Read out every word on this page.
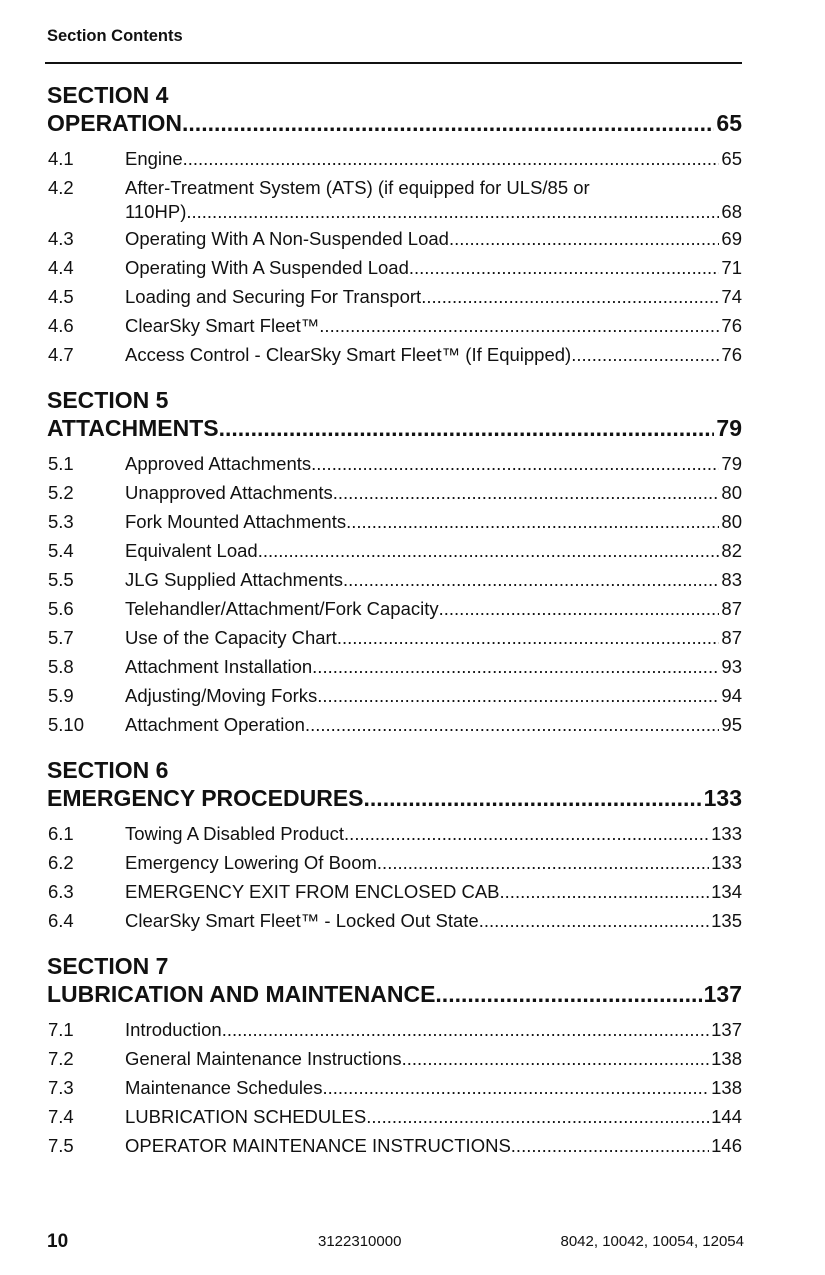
Section Contents
SECTION 4
OPERATION .....	65
4.1	Engine .....	65
4.2	After-Treatment System (ATS) (if equipped for ULS/85 or
110HP) .....	68
4.3	Operating With A Non-Suspended Load .....	69
4.4	Operating With A Suspended Load .....	71
4.5	Loading and Securing For Transport .....	74
4.6	ClearSky Smart Fleet™ .....	76
4.7	Access Control - ClearSky Smart Fleet™ (If Equipped) .....	76
SECTION 5
ATTACHMENTS .....	79
5.1	Approved Attachments .....	79
5.2	Unapproved Attachments .....	80
5.3	Fork Mounted Attachments .....	80
5.4	Equivalent Load .....	82
5.5	JLG Supplied Attachments .....	83
5.6	Telehandler/Attachment/Fork Capacity .....	87
5.7	Use of the Capacity Chart .....	87
5.8	Attachment Installation .....	93
5.9	Adjusting/Moving Forks .....	94
5.10	Attachment Operation .....	95
SECTION 6
EMERGENCY PROCEDURES .....	133
6.1	Towing A Disabled Product .....	133
6.2	Emergency Lowering Of Boom .....	133
6.3	EMERGENCY EXIT FROM ENCLOSED CAB .....	134
6.4	ClearSky Smart Fleet™ - Locked Out State .....	135
SECTION 7
LUBRICATION AND MAINTENANCE .....	137
7.1	Introduction .....	137
7.2	General Maintenance Instructions .....	138
7.3	Maintenance Schedules .....	138
7.4	LUBRICATION SCHEDULES .....	144
7.5	OPERATOR MAINTENANCE INSTRUCTIONS .....	146
10	3122310000	8042, 10042, 10054, 12054
